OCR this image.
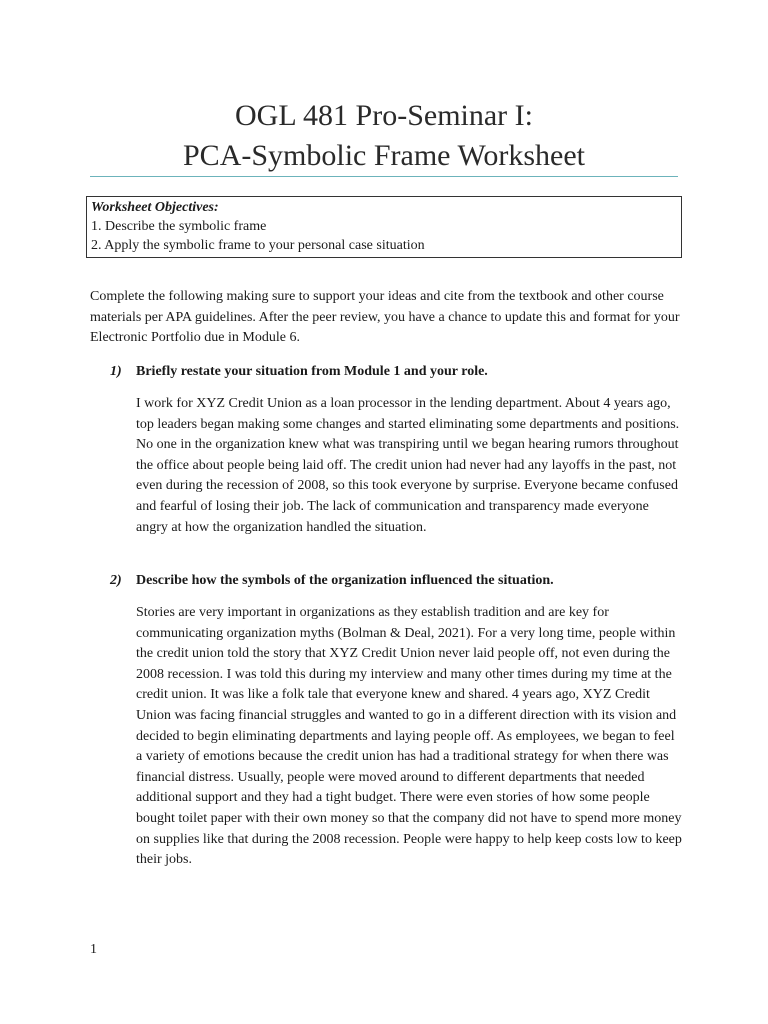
OGL 481 Pro-Seminar I:
PCA-Symbolic Frame Worksheet
Worksheet Objectives:
1. Describe the symbolic frame
2. Apply the symbolic frame to your personal case situation
Complete the following making sure to support your ideas and cite from the textbook and other course materials per APA guidelines. After the peer review, you have a chance to update this and format for your Electronic Portfolio due in Module 6.
1) Briefly restate your situation from Module 1 and your role.

I work for XYZ Credit Union as a loan processor in the lending department. About 4 years ago, top leaders began making some changes and started eliminating some departments and positions. No one in the organization knew what was transpiring until we began hearing rumors throughout the office about people being laid off. The credit union had never had any layoffs in the past, not even during the recession of 2008, so this took everyone by surprise. Everyone became confused and fearful of losing their job. The lack of communication and transparency made everyone angry at how the organization handled the situation.

2) Describe how the symbols of the organization influenced the situation.

Stories are very important in organizations as they establish tradition and are key for communicating organization myths (Bolman & Deal, 2021). For a very long time, people within the credit union told the story that XYZ Credit Union never laid people off, not even during the 2008 recession. I was told this during my interview and many other times during my time at the credit union. It was like a folk tale that everyone knew and shared. 4 years ago, XYZ Credit Union was facing financial struggles and wanted to go in a different direction with its vision and decided to begin eliminating departments and laying people off. As employees, we began to feel a variety of emotions because the credit union has had a traditional strategy for when there was financial distress. Usually, people were moved around to different departments that needed additional support and they had a tight budget. There were even stories of how some people bought toilet paper with their own money so that the company did not have to spend more money on supplies like that during the 2008 recession. People were happy to help keep costs low to keep their jobs.

1
